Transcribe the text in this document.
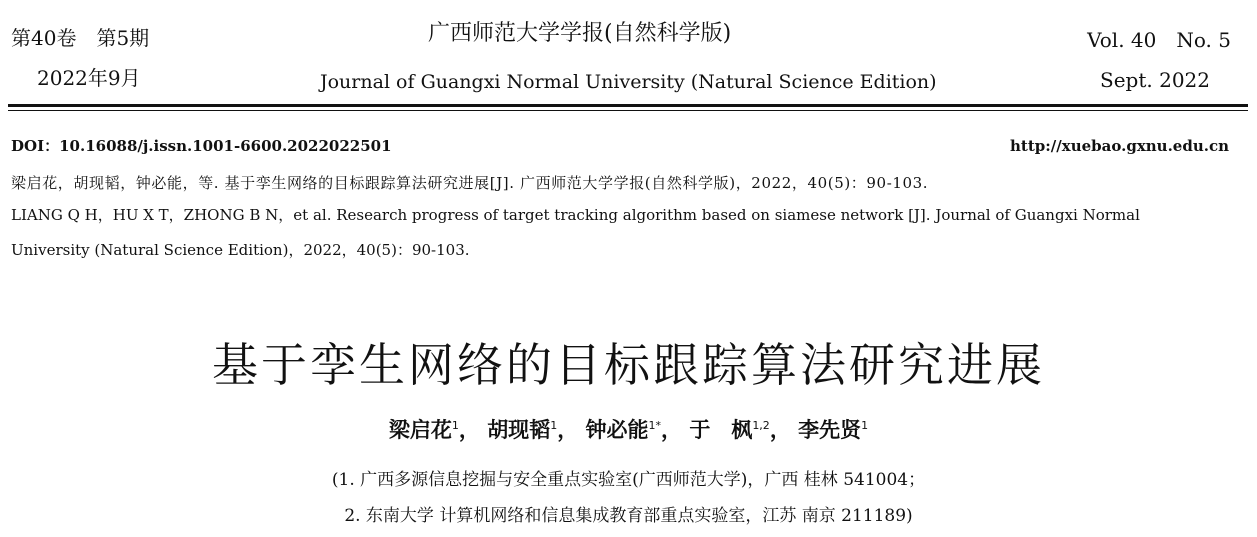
第40卷　第5期
2022年9月
广西师范大学学报(自然科学版)
Journal of Guangxi Normal University (Natural Science Edition)
Vol. 40　No. 5
Sept. 2022
DOI：10.16088/j.issn.1001-6600.2022022501	http://xuebao.gxnu.edu.cn
梁启花，胡现韬，钟必能，等. 基于孪生网络的目标跟踪算法研究进展[J]. 广西师范大学学报(自然科学版)，2022，40(5)：90-103.
LIANG Q H，HU X T，ZHONG B N，et al. Research progress of target tracking algorithm based on siamese network [J]. Journal of Guangxi Normal
University (Natural Science Edition)，2022，40(5)：90-103.
基于孪生网络的目标跟踪算法研究进展
梁启花$^1$， 胡现韬$^1$， 钟必能$^{1*}$， 于　枫$^{1,2}$， 李先贤$^1$
(1. 广西多源信息挖掘与安全重点实验室(广西师范大学)，广西 桂林 541004；
2. 东南大学 计算机网络和信息集成教育部重点实验室，江苏 南京 211189)
